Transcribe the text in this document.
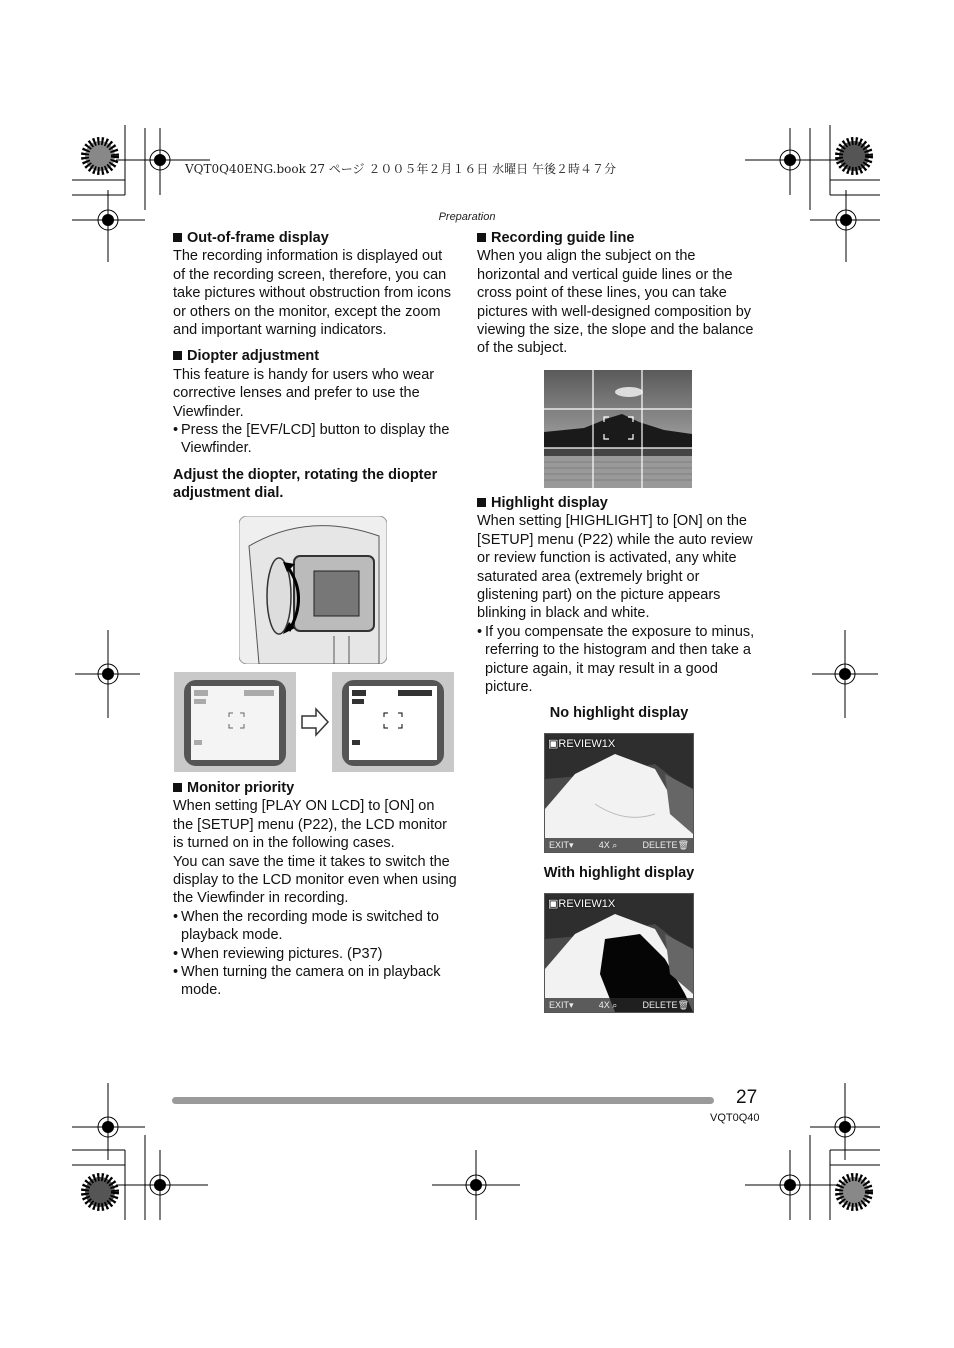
VQT0Q40ENG.book 27 ページ ２００５年２月１６日 水曜日 午後２時４７分
Preparation

Out-of-frame display

The recording information is displayed out of the recording screen, therefore, you can take pictures without obstruction from icons or others on the monitor, except the zoom and important warning indicators.

Diopter adjustment

This feature is handy for users who wear corrective lenses and prefer to use the Viewfinder.

• Press the [EVF/LCD] button to display the Viewfinder.

Adjust the diopter, rotating the diopter adjustment dial.

Monitor priority

When setting [PLAY ON LCD] to [ON] on the [SETUP] menu (P22), the LCD monitor is turned on in the following cases.

You can save the time it takes to switch the display to the LCD monitor even when using the Viewfinder in recording.

• When the recording mode is switched to playback mode.
• When reviewing pictures. (P37)
• When turning the camera on in playback mode.

Recording guide line

When you align the subject on the horizontal and vertical guide lines or the cross point of these lines, you can take pictures with well-designed composition by viewing the size, the slope and the balance of the subject.

Highlight display

When setting [HIGHLIGHT] to [ON] on the [SETUP] menu (P22) while the auto review or review function is activated, any white saturated area (extremely bright or glistening part) on the picture appears blinking in black and white.

• If you compensate the exposure to minus, referring to the histogram and then take a picture again, it may result in a good picture.
No highlight display
▣REVIEW1X
EXIT▾	4X ⌕	DELETE🗑
With highlight display
▣REVIEW1X
EXIT▾	4X ⌕	DELETE🗑
27
VQT0Q40
